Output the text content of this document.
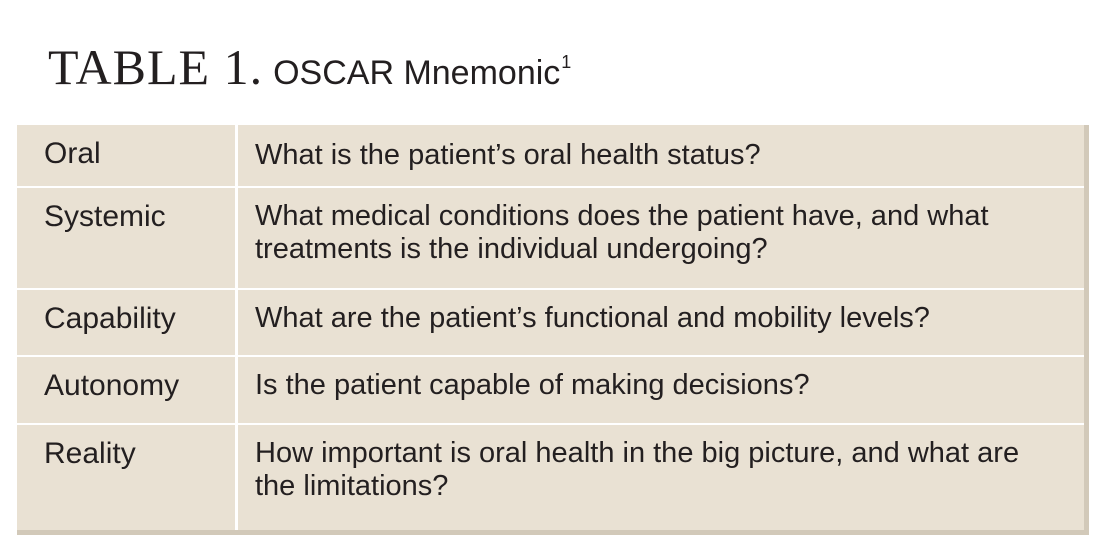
TABLE 1. OSCAR Mnemonic$^1$
Oral	What is the patient’s oral health status?
Systemic	What medical conditions does the patient have, and what treatments is the individual undergoing?
Capability	What are the patient’s functional and mobility levels?
Autonomy	Is the patient capable of making decisions?
Reality	How important is oral health in the big picture, and what are the limitations?
